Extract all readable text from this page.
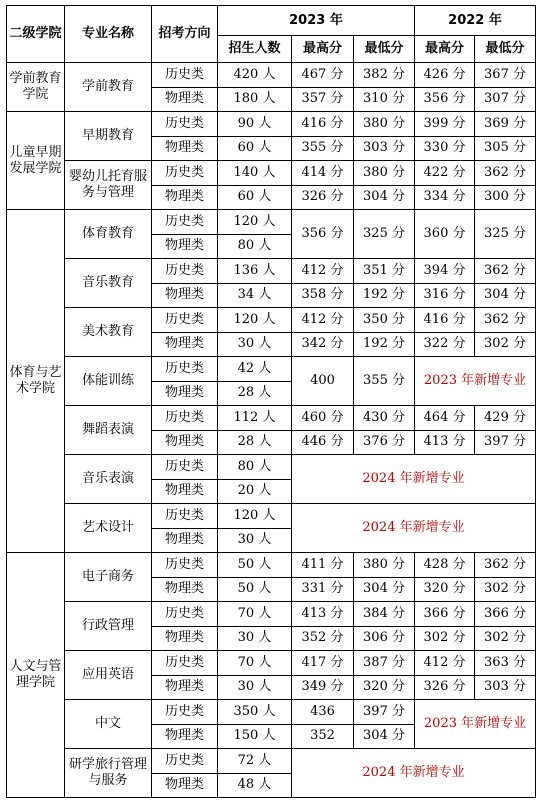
二级学院	专业名称	招考方向	2023 年			2022 年	
			招生人数	最高分	最低分	最高分	最低分
学前教育学院	学前教育	历史类	420 人	467 分	382 分	426 分	367 分
		物理类	180 人	357 分	310 分	356 分	307 分
儿童早期发展学院	早期教育	历史类	90 人	416 分	380 分	399 分	369 分
		物理类	60 人	355 分	303 分	330 分	305 分
	婴幼儿托育服务与管理	历史类	140 人	414 分	380 分	422 分	362 分
		物理类	60 人	326 分	304 分	334 分	300 分
体育与艺术学院	体育教育	历史类	120 人	356 分	325 分	360 分	325 分
		物理类	80 人				
	音乐教育	历史类	136 人	412 分	351 分	394 分	362 分
		物理类	34 人	358 分	192 分	316 分	304 分
	美术教育	历史类	120 人	412 分	350 分	416 分	362 分
		物理类	30 人	342 分	192 分	322 分	302 分
	体能训练	历史类	42 人	400	355 分	2023 年新增专业	
		物理类	28 人				
	舞蹈表演	历史类	112 人	460 分	430 分	464 分	429 分
		物理类	28 人	446 分	376 分	413 分	397 分
	音乐表演	历史类	80 人	2024 年新增专业			
		物理类	20 人				
	艺术设计	历史类	120 人	2024 年新增专业			
		物理类	30 人				
人文与管理学院	电子商务	历史类	50 人	411 分	380 分	428 分	362 分
		物理类	50 人	331 分	304 分	320 分	302 分
	行政管理	历史类	70 人	413 分	384 分	366 分	366 分
		物理类	30 人	352 分	306 分	302 分	302 分
	应用英语	历史类	70 人	417 分	387 分	412 分	363 分
		物理类	30 人	349 分	320 分	326 分	303 分
	中文	历史类	350 人	436	397 分	2023 年新增专业	
		物理类	150 人	352	304 分		
	研学旅行管理与服务	历史类	72 人	2024 年新增专业			
		物理类	48 人				
